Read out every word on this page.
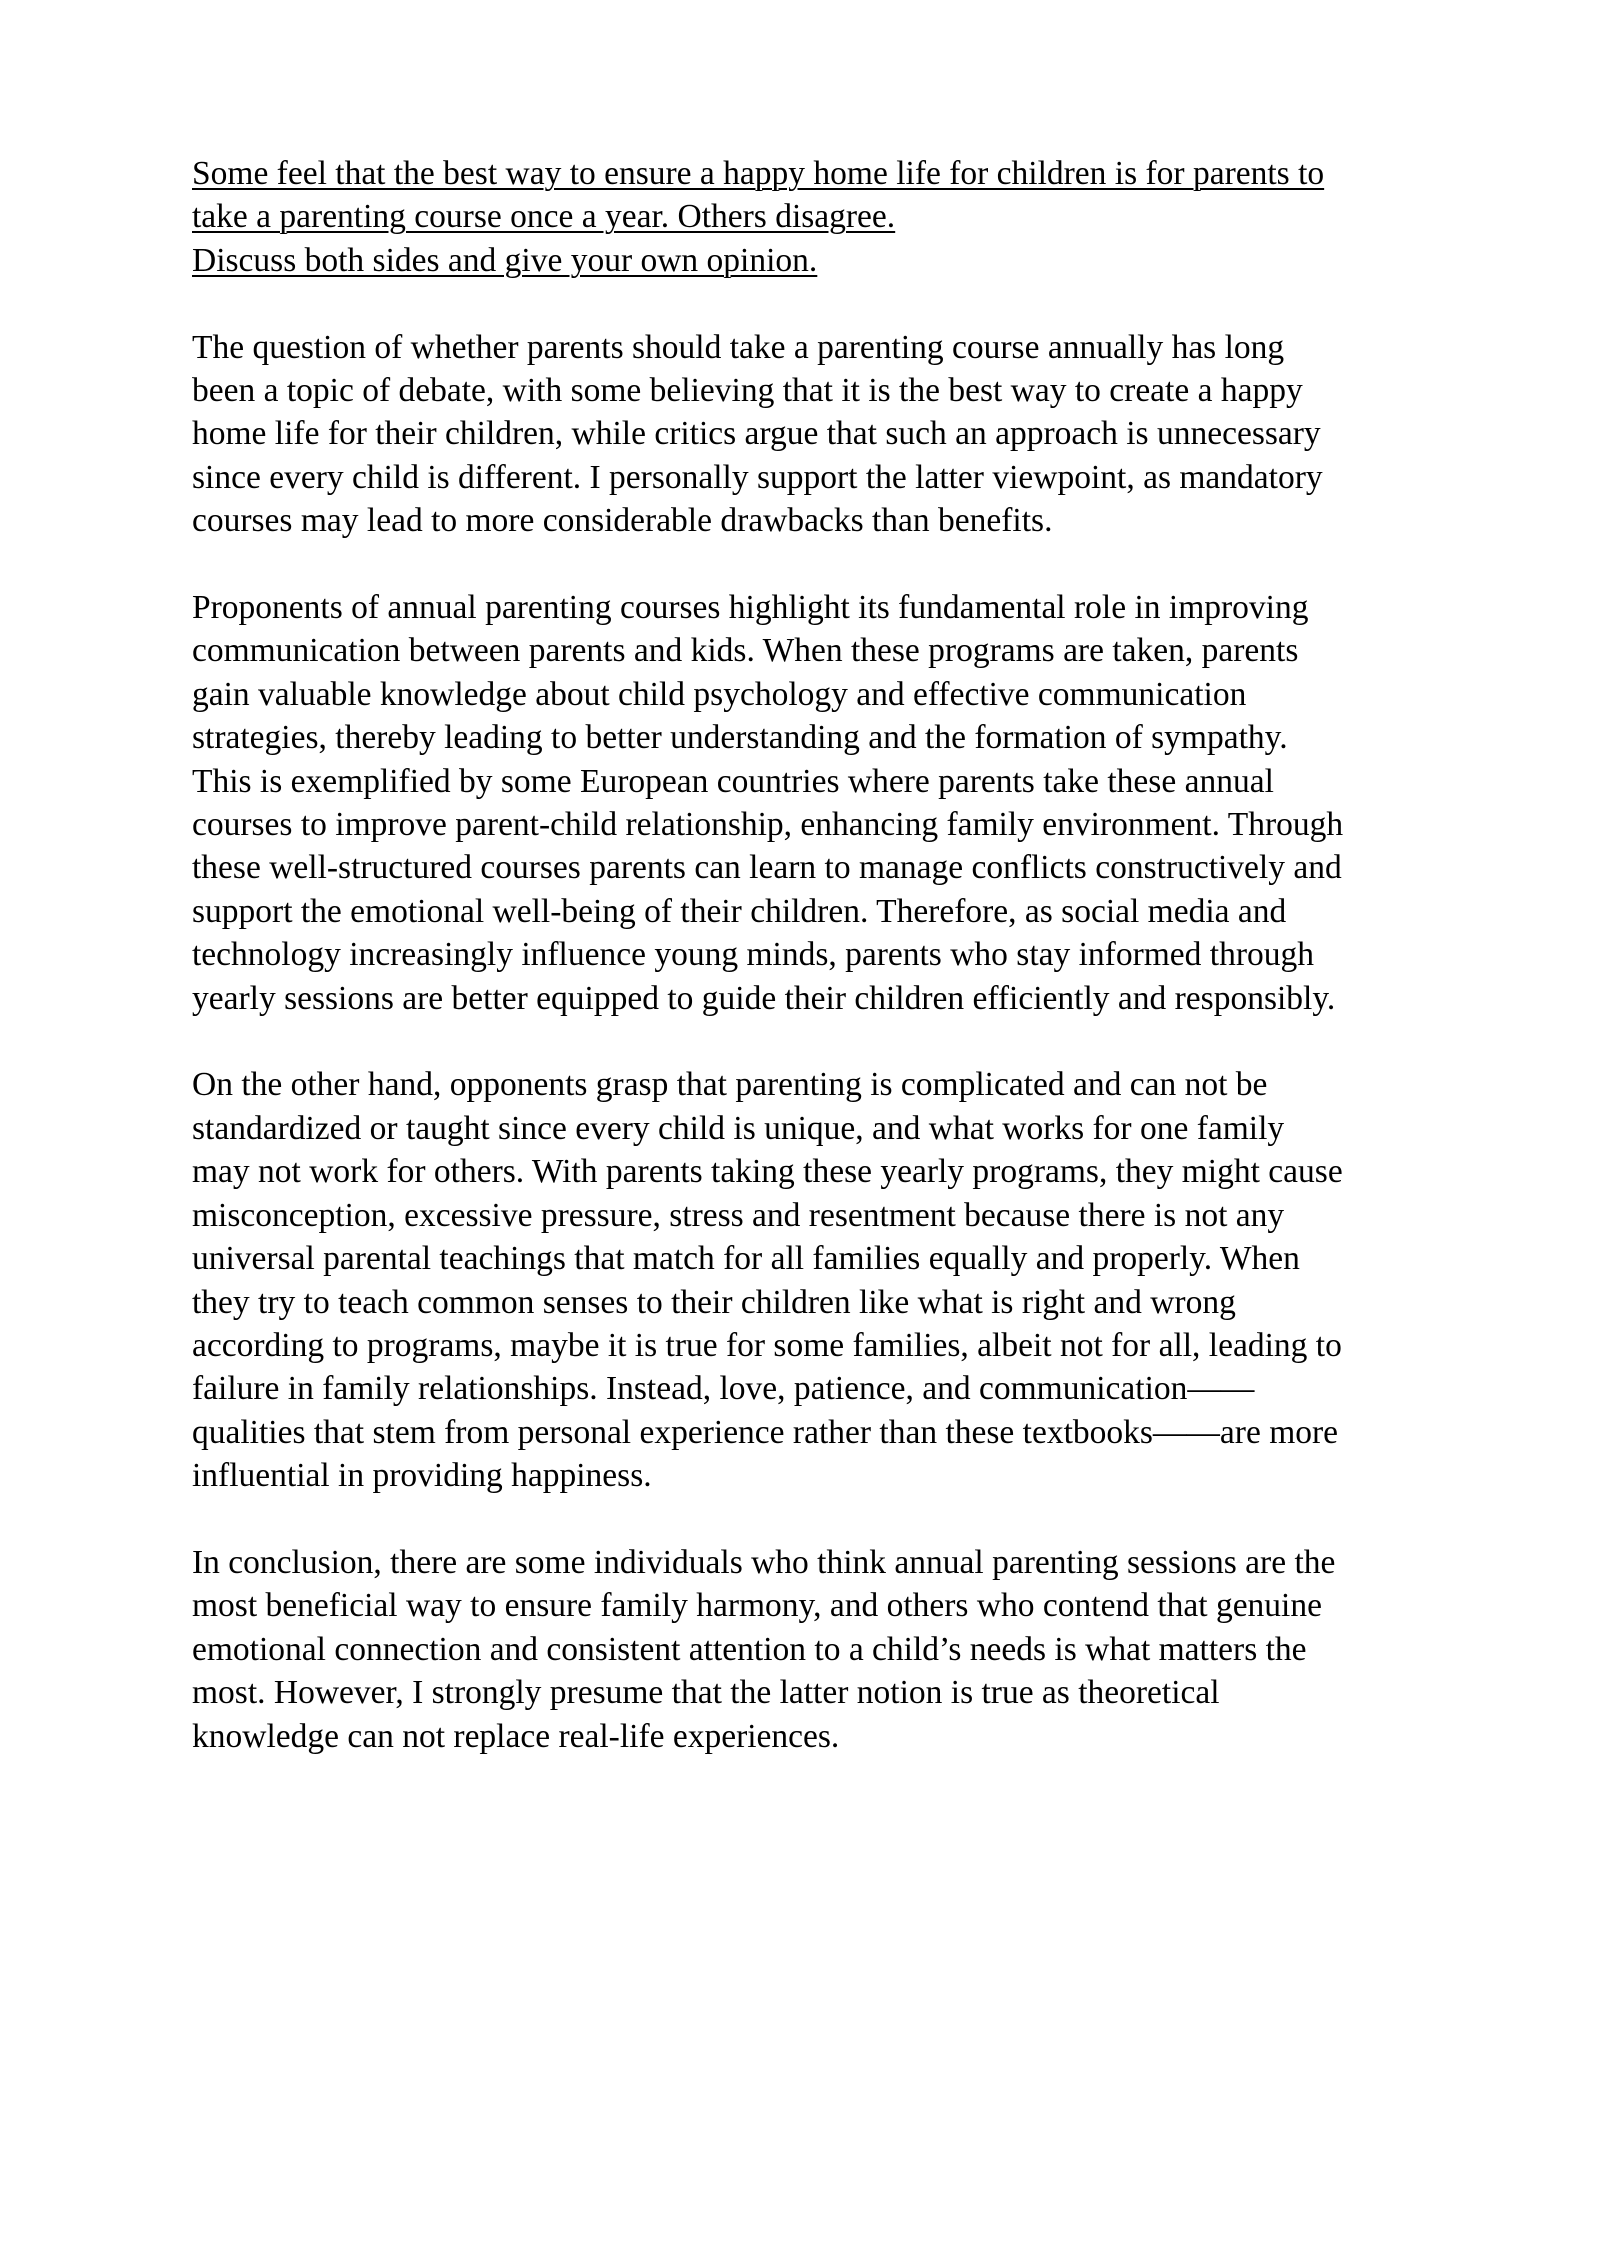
Some feel that the best way to ensure a happy home life for children is for parents to
take a parenting course once a year. Others disagree.
Discuss both sides and give your own opinion.
The question of whether parents should take a parenting course annually has long
been a topic of debate, with some believing that it is the best way to create a happy
home life for their children, while critics argue that such an approach is unnecessary
since every child is different. I personally support the latter viewpoint, as mandatory
courses may lead to more considerable drawbacks than benefits.
Proponents of annual parenting courses highlight its fundamental role in improving
communication between parents and kids. When these programs are taken, parents
gain valuable knowledge about child psychology and effective communication
strategies, thereby leading to better understanding and the formation of sympathy.
This is exemplified by some European countries where parents take these annual
courses to improve parent-child relationship, enhancing family environment. Through
these well-structured courses parents can learn to manage conflicts constructively and
support the emotional well-being of their children. Therefore, as social media and
technology increasingly influence young minds, parents who stay informed through
yearly sessions are better equipped to guide their children efficiently and responsibly.
On the other hand, opponents grasp that parenting is complicated and can not be
standardized or taught since every child is unique, and what works for one family
may not work for others. With parents taking these yearly programs, they might cause
misconception, excessive pressure, stress and resentment because there is not any
universal parental teachings that match for all families equally and properly. When
they try to teach common senses to their children like what is right and wrong
according to programs, maybe it is true for some families, albeit not for all, leading to
failure in family relationships. Instead, love, patience, and communication——
qualities that stem from personal experience rather than these textbooks——are more
influential in providing happiness.
In conclusion, there are some individuals who think annual parenting sessions are the
most beneficial way to ensure family harmony, and others who contend that genuine
emotional connection and consistent attention to a child’s needs is what matters the
most. However, I strongly presume that the latter notion is true as theoretical
knowledge can not replace real-life experiences.
